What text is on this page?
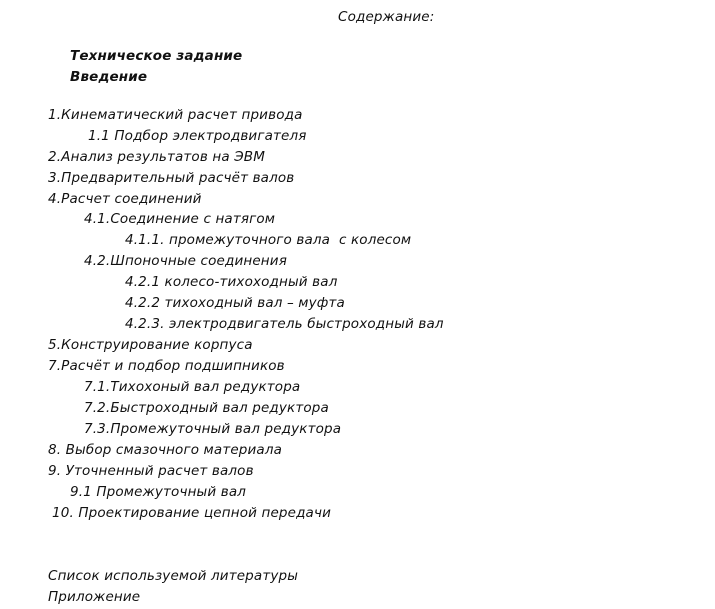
Содержание:
Техническое задание
Введение
1.Кинематический расчет привода
1.1 Подбор электродвигателя
2.Анализ результатов на ЭВМ
3.Предварительный расчёт валов
4.Расчет соединений
4.1.Соединение с натягом
4.1.1. промежуточного вала  с колесом
4.2.Шпоночные соединения
4.2.1 колесо-тихоходный вал
4.2.2 тихоходный вал – муфта
4.2.3. электродвигатель быстроходный вал
5.Конструирование корпуса
7.Расчёт и подбор подшипников
7.1.Тихохоный вал редуктора
7.2.Быстроходный вал редуктора
7.3.Промежуточный вал редуктора
8. Выбор смазочного материала
9. Уточненный расчет валов
9.1 Промежуточный вал
10. Проектирование цепной передачи
Список используемой литературы
Приложение
